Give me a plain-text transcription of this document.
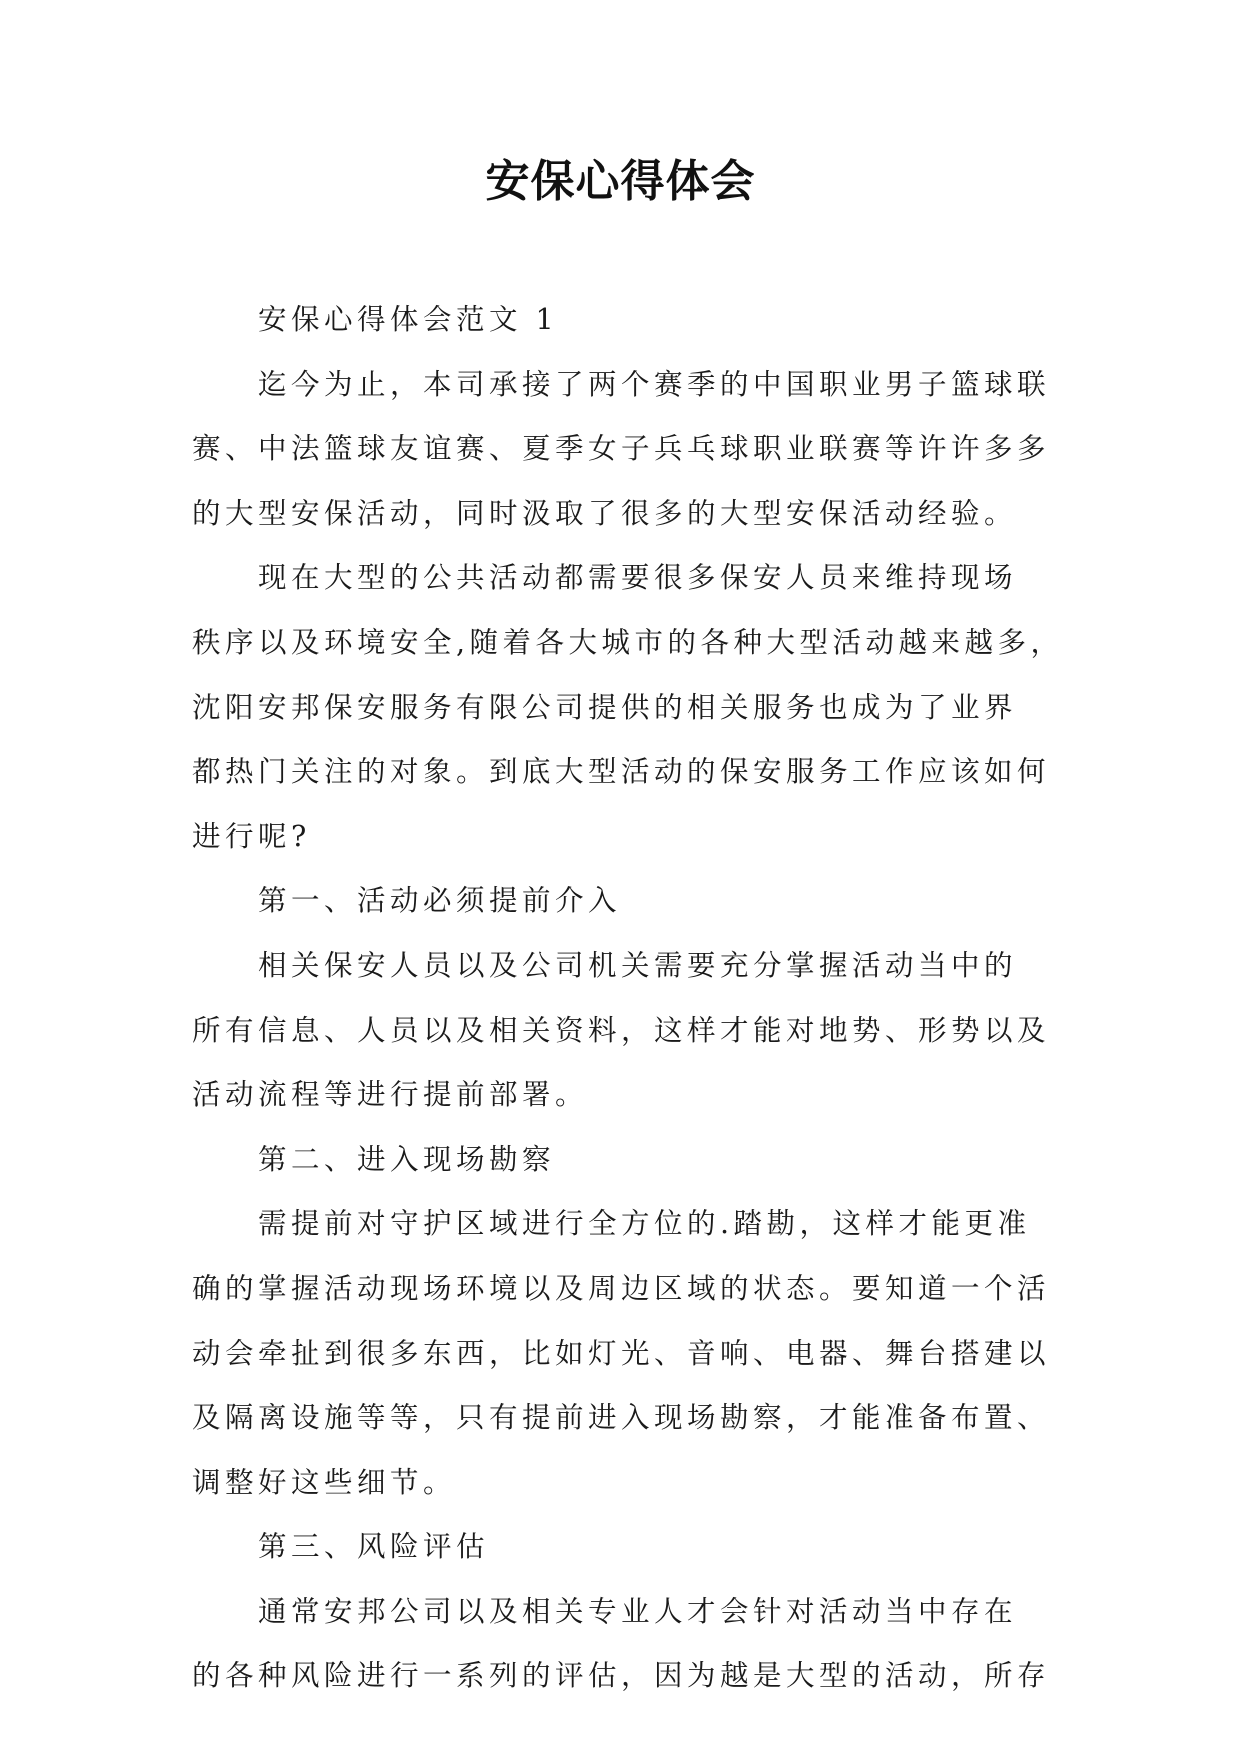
安保心得体会

安保心得体会范文 1

迄今为止，本司承接了两个赛季的中国职业男子篮球联
赛、中法篮球友谊赛、夏季女子兵乓球职业联赛等许许多多
的大型安保活动，同时汲取了很多的大型安保活动经验。

现在大型的公共活动都需要很多保安人员来维持现场
秩序以及环境安全,随着各大城市的各种大型活动越来越多，
沈阳安邦保安服务有限公司提供的相关服务也成为了业界
都热门关注的对象。到底大型活动的保安服务工作应该如何
进行呢?

第一、活动必须提前介入

相关保安人员以及公司机关需要充分掌握活动当中的
所有信息、人员以及相关资料，这样才能对地势、形势以及
活动流程等进行提前部署。

第二、进入现场勘察

需提前对守护区域进行全方位的.踏勘，这样才能更准
确的掌握活动现场环境以及周边区域的状态。要知道一个活
动会牵扯到很多东西，比如灯光、音响、电器、舞台搭建以
及隔离设施等等，只有提前进入现场勘察，才能准备布置、
调整好这些细节。

第三、风险评估

通常安邦公司以及相关专业人才会针对活动当中存在
的各种风险进行一系列的评估，因为越是大型的活动，所存
